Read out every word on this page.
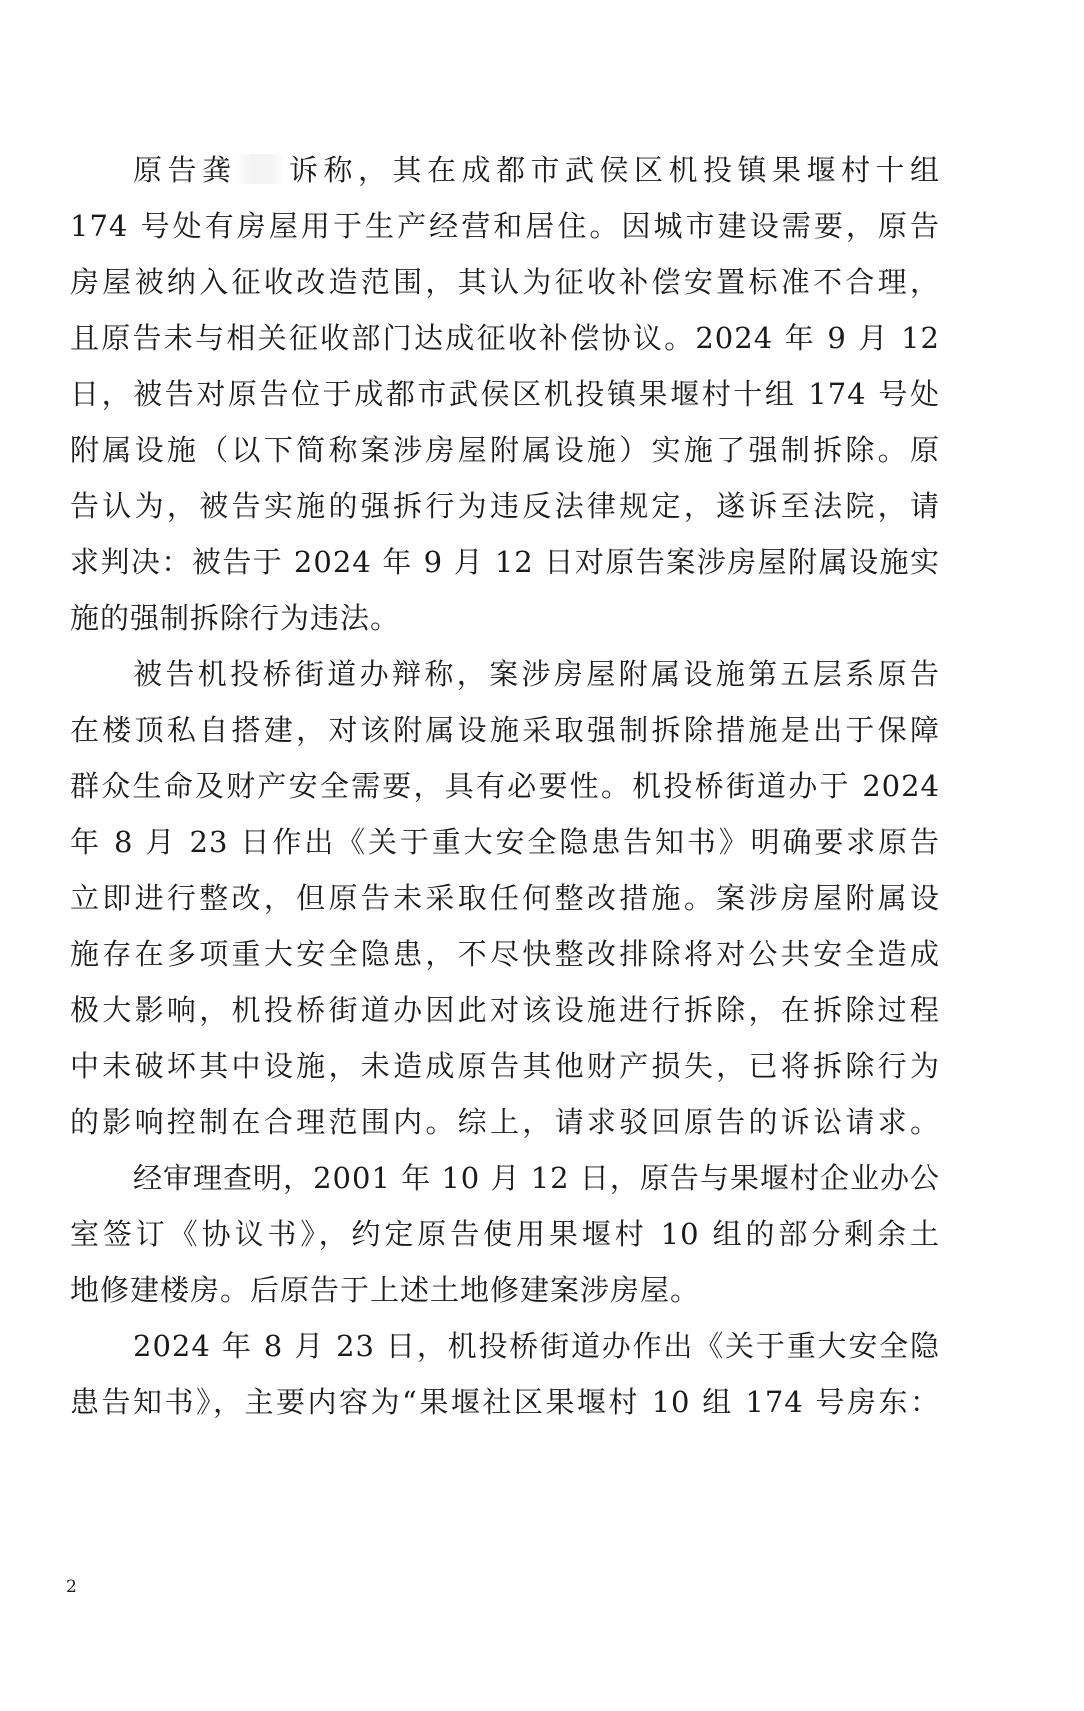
原告龚 诉称，其在成都市武侯区机投镇果堰村十组
174 号处有房屋用于生产经营和居住。因城市建设需要，原告
房屋被纳入征收改造范围，其认为征收补偿安置标准不合理，
且原告未与相关征收部门达成征收补偿协议。2024 年 9 月 12
日，被告对原告位于成都市武侯区机投镇果堰村十组 174 号处
附属设施（以下简称案涉房屋附属设施）实施了强制拆除。原
告认为，被告实施的强拆行为违反法律规定，遂诉至法院，请
求判决：被告于 2024 年 9 月 12 日对原告案涉房屋附属设施实
施的强制拆除行为违法。
被告机投桥街道办辩称，案涉房屋附属设施第五层系原告
在楼顶私自搭建，对该附属设施采取强制拆除措施是出于保障
群众生命及财产安全需要，具有必要性。机投桥街道办于 2024
年 8 月 23 日作出《关于重大安全隐患告知书》明确要求原告
立即进行整改，但原告未采取任何整改措施。案涉房屋附属设
施存在多项重大安全隐患，不尽快整改排除将对公共安全造成
极大影响，机投桥街道办因此对该设施进行拆除，在拆除过程
中未破坏其中设施，未造成原告其他财产损失，已将拆除行为
的影响控制在合理范围内。综上，请求驳回原告的诉讼请求。
经审理查明，2001 年 10 月 12 日，原告与果堰村企业办公
室签订《协议书》，约定原告使用果堰村 10 组的部分剩余土
地修建楼房。后原告于上述土地修建案涉房屋。
2024 年 8 月 23 日，机投桥街道办作出《关于重大安全隐
患告知书》，主要内容为“果堰社区果堰村 10 组 174 号房东：
2
